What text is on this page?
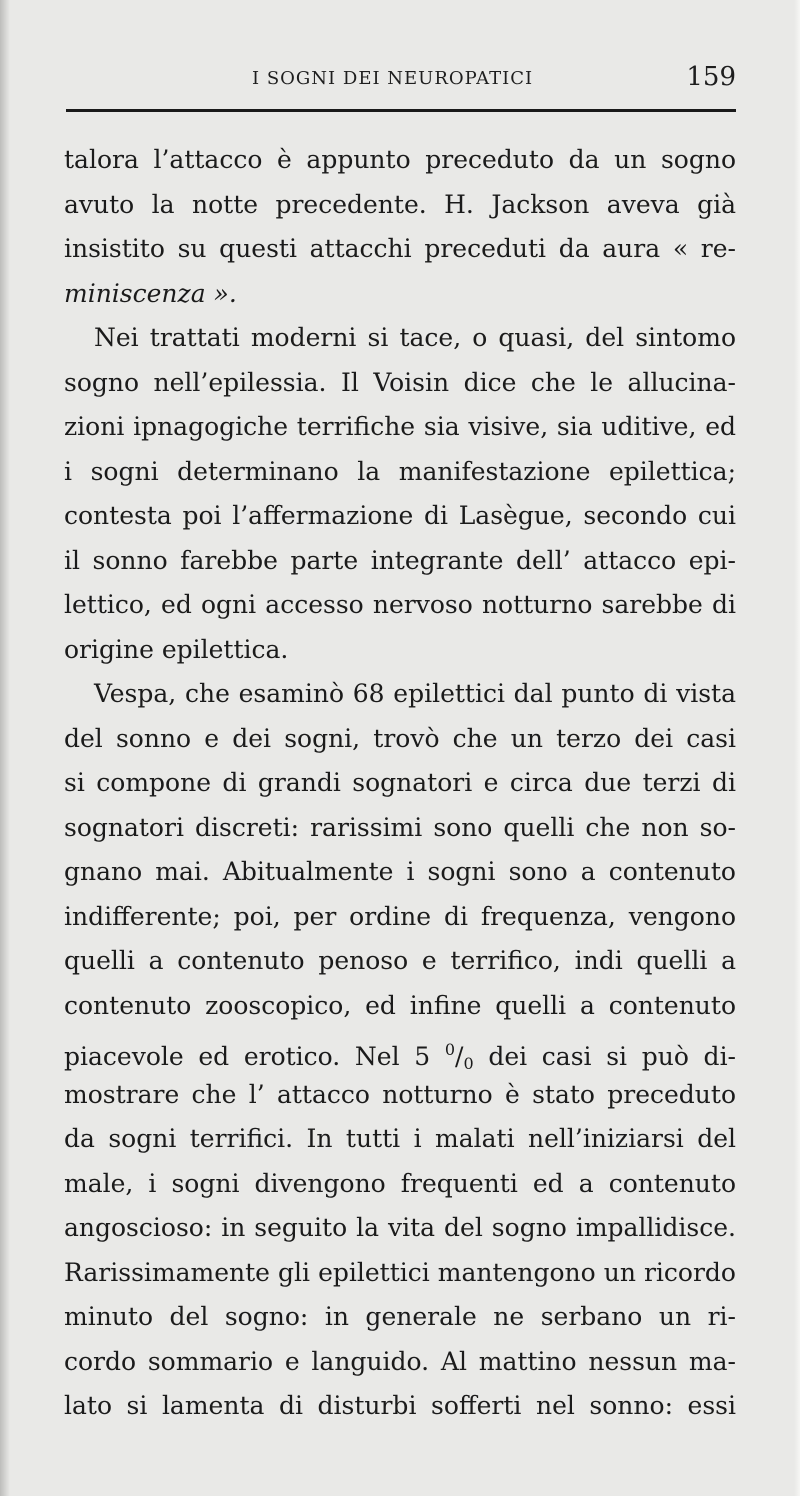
I SOGNI DEI NEUROPATICI	159
talora l’attacco è appunto preceduto da un sogno
avuto la notte precedente. H. Jackson aveva già
insistito su questi attacchi preceduti da aura « re-
miniscenza ».
Nei trattati moderni si tace, o quasi, del sintomo
sogno nell’epilessia. Il Voisin dice che le allucina-
zioni ipnagogiche terrifiche sia visive, sia uditive, ed
i sogni determinano la manifestazione epilettica;
contesta poi l’affermazione di Lasègue, secondo cui
il sonno farebbe parte integrante dell’ attacco epi-
lettico, ed ogni accesso nervoso notturno sarebbe di
origine epilettica.
Vespa, che esaminò 68 epilettici dal punto di vista
del sonno e dei sogni, trovò che un terzo dei casi
si compone di grandi sognatori e circa due terzi di
sognatori discreti: rarissimi sono quelli che non so-
gnano mai. Abitualmente i sogni sono a contenuto
indifferente; poi, per ordine di frequenza, vengono
quelli a contenuto penoso e terrifico, indi quelli a
contenuto zooscopico, ed infine quelli a contenuto
piacevole ed erotico. Nel 5 $^0/_0$ dei casi si può di-
mostrare che l’ attacco notturno è stato preceduto
da sogni terrifici. In tutti i malati nell’iniziarsi del
male, i sogni divengono frequenti ed a contenuto
angoscioso: in seguito la vita del sogno impallidisce.
Rarissimamente gli epilettici mantengono un ricordo
minuto del sogno: in generale ne serbano un ri-
cordo sommario e languido. Al mattino nessun ma-
lato si lamenta di disturbi sofferti nel sonno: essi
